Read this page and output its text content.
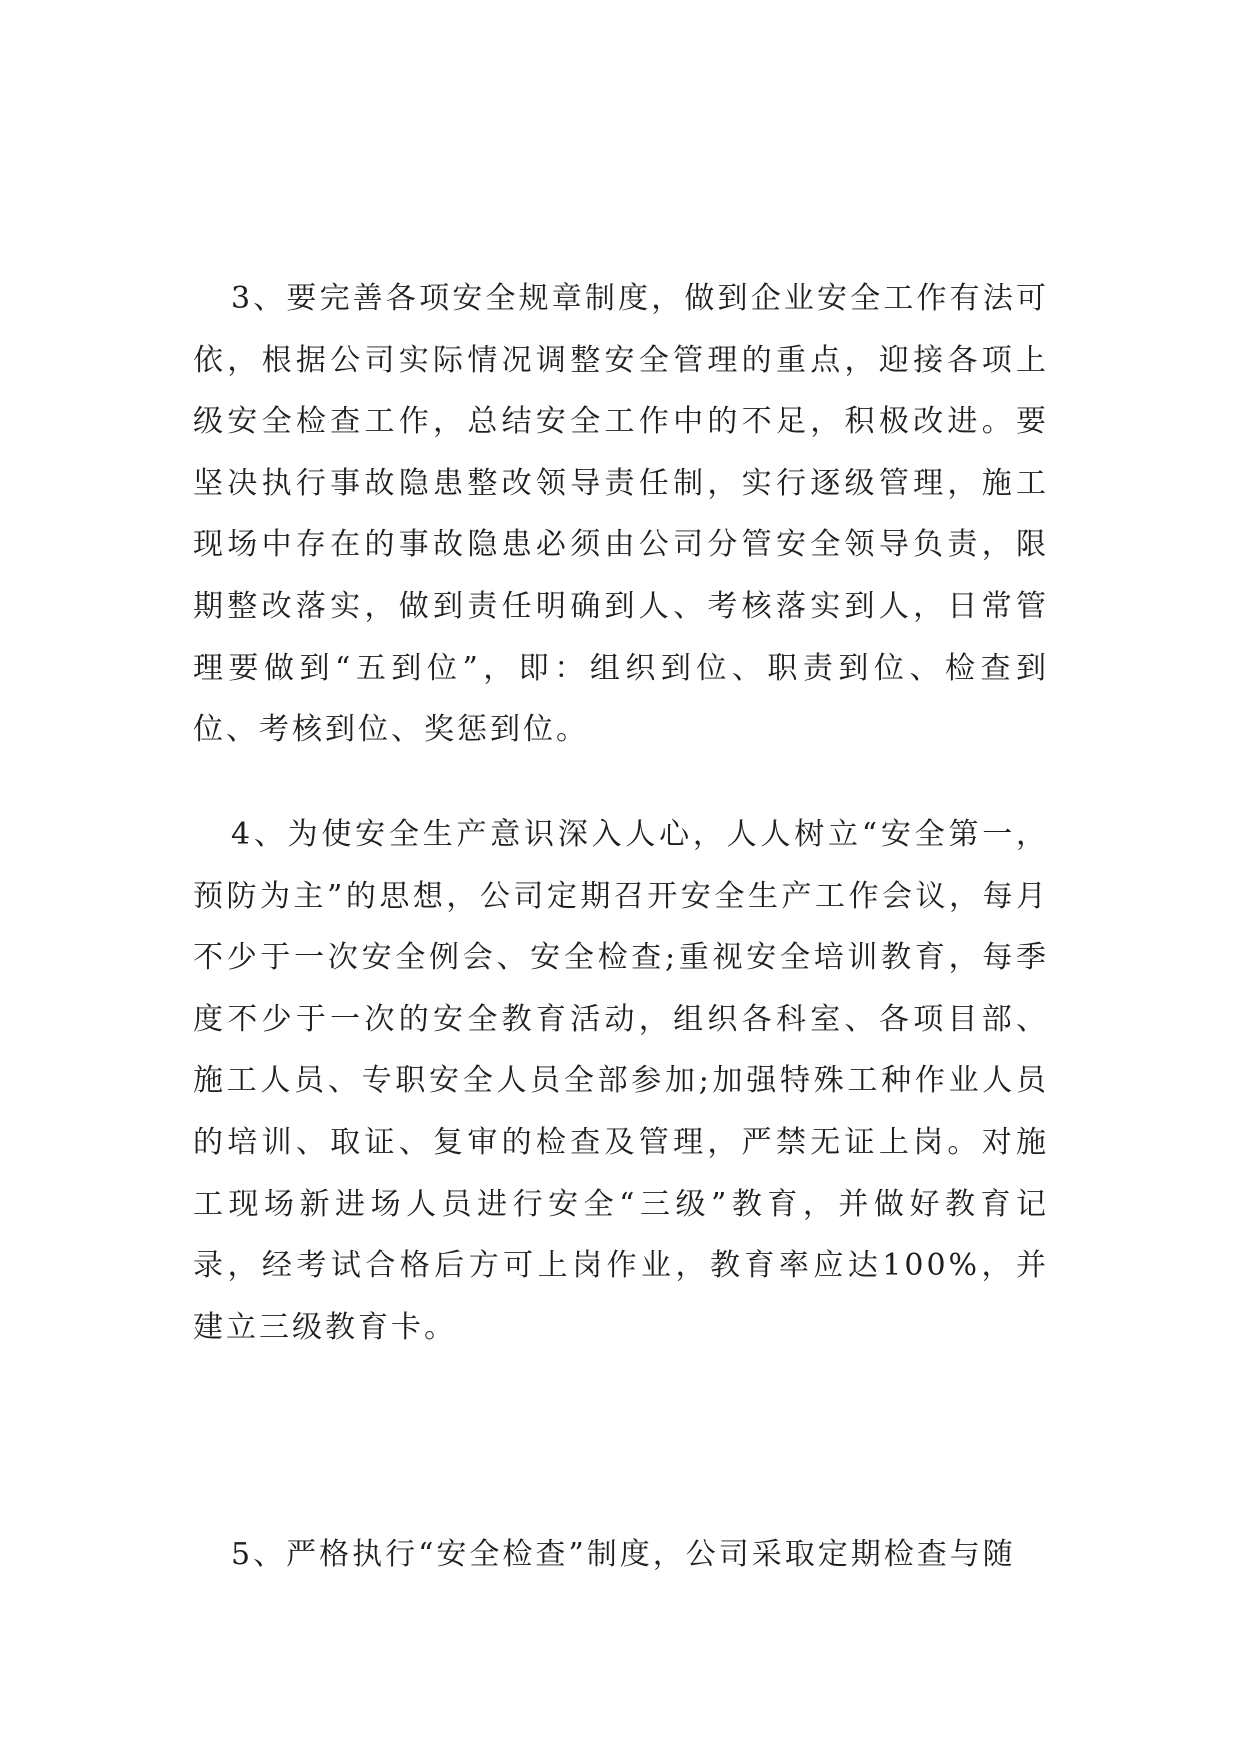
3、要完善各项安全规章制度，做到企业安全工作有法可依，根据公司实际情况调整安全管理的重点，迎接各项上级安全检查工作，总结安全工作中的不足，积极改进。要坚决执行事故隐患整改领导责任制，实行逐级管理，施工现场中存在的事故隐患必须由公司分管安全领导负责，限期整改落实，做到责任明确到人、考核落实到人，日常管理要做到“五到位”，即：组织到位、职责到位、检查到位、考核到位、奖惩到位。

4、为使安全生产意识深入人心，人人树立“安全第一，预防为主”的思想，公司定期召开安全生产工作会议，每月不少于一次安全例会、安全检查;重视安全培训教育，每季度不少于一次的安全教育活动，组织各科室、各项目部、施工人员、专职安全人员全部参加;加强特殊工种作业人员的培训、取证、复审的检查及管理，严禁无证上岗。对施工现场新进场人员进行安全“三级”教育，并做好教育记录，经考试合格后方可上岗作业，教育率应达100%，并建立三级教育卡。

5、严格执行“安全检查”制度，公司采取定期检查与随
